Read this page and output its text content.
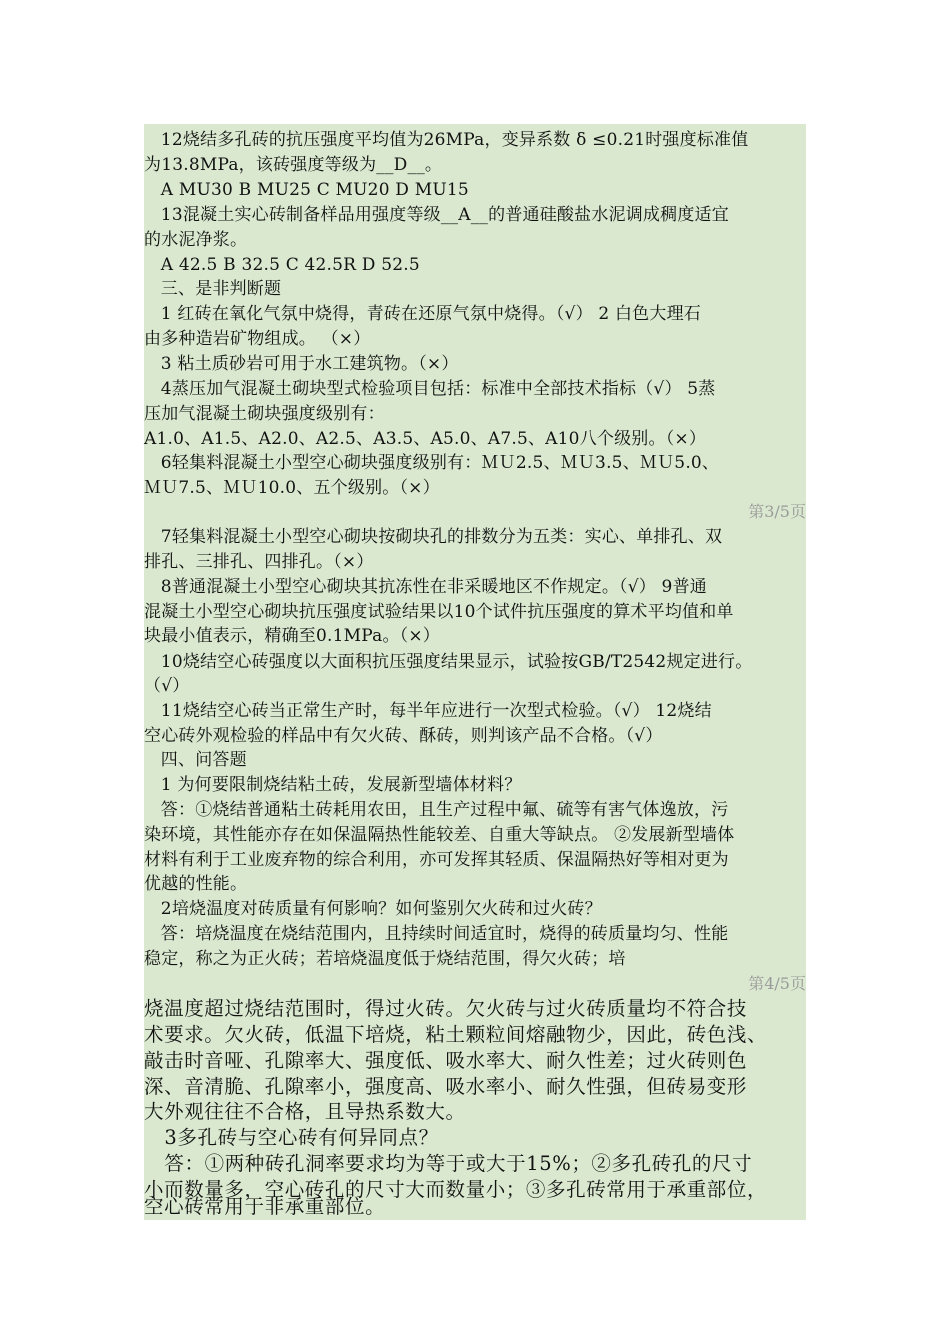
12烧结多孔砖的抗压强度平均值为26MPa，变异系数 δ ≤0.21时强度标准值
为13.8MPa，该砖强度等级为__D__。
A MU30 B MU25 C MU20 D MU15
13混凝土实心砖制备样品用强度等级__A__的普通硅酸盐水泥调成稠度适宜
的水泥净浆。
A 42.5 B 32.5 C 42.5R D 52.5
三、是非判断题
1 红砖在氧化气氛中烧得，青砖在还原气氛中烧得。（√） 2 白色大理石
由多种造岩矿物组成。 （×）
3 粘土质砂岩可用于水工建筑物。（×）
4蒸压加气混凝土砌块型式检验项目包括：标准中全部技术指标（√） 5蒸
压加气混凝土砌块强度级别有：
A1.0、A1.5、A2.0、A2.5、A3.5、A5.0、A7.5、A10八个级别。（×）
6轻集料混凝土小型空心砌块强度级别有：ＭＵ2.5、ＭＵ3.5、ＭＵ5.0、
ＭＵ7.5、ＭＵ10.0、五个级别。（×）
第3/5页
7轻集料混凝土小型空心砌块按砌块孔的排数分为五类：实心、单排孔、双
排孔、三排孔、四排孔。（×）
8普通混凝土小型空心砌块其抗冻性在非采暖地区不作规定。（√） 9普通
混凝土小型空心砌块抗压强度试验结果以10个试件抗压强度的算术平均值和单
块最小值表示，精确至0.1MPa。（×）
10烧结空心砖强度以大面积抗压强度结果显示，试验按GB/T2542规定进行。
（√）
11烧结空心砖当正常生产时，每半年应进行一次型式检验。（√） 12烧结
空心砖外观检验的样品中有欠火砖、酥砖，则判该产品不合格。（√）
四、问答题
1 为何要限制烧结粘土砖，发展新型墙体材料？
答：①烧结普通粘土砖耗用农田，且生产过程中氟、硫等有害气体逸放，污
染环境，其性能亦存在如保温隔热性能较差、自重大等缺点。 ②发展新型墙体
材料有利于工业废弃物的综合利用，亦可发挥其轻质、保温隔热好等相对更为
优越的性能。
2培烧温度对砖质量有何影响？如何鉴别欠火砖和过火砖？
答：培烧温度在烧结范围内，且持续时间适宜时，烧得的砖质量均匀、性能
稳定，称之为正火砖；若培烧温度低于烧结范围，得欠火砖；培
第4/5页
烧温度超过烧结范围时，得过火砖。欠火砖与过火砖质量均不符合技
术要求。欠火砖，低温下培烧，粘土颗粒间熔融物少，因此，砖色浅、
敲击时音哑、孔隙率大、强度低、吸水率大、耐久性差；过火砖则色
深、音清脆、孔隙率小，强度高、吸水率小、耐久性强，但砖易变形
大外观往往不合格，且导热系数大。
3多孔砖与空心砖有何异同点？
答：①两种砖孔洞率要求均为等于或大于15%；②多孔砖孔的尺寸
小而数量多，空心砖孔的尺寸大而数量小；③多孔砖常用于承重部位，
空心砖常用于非承重部位。
